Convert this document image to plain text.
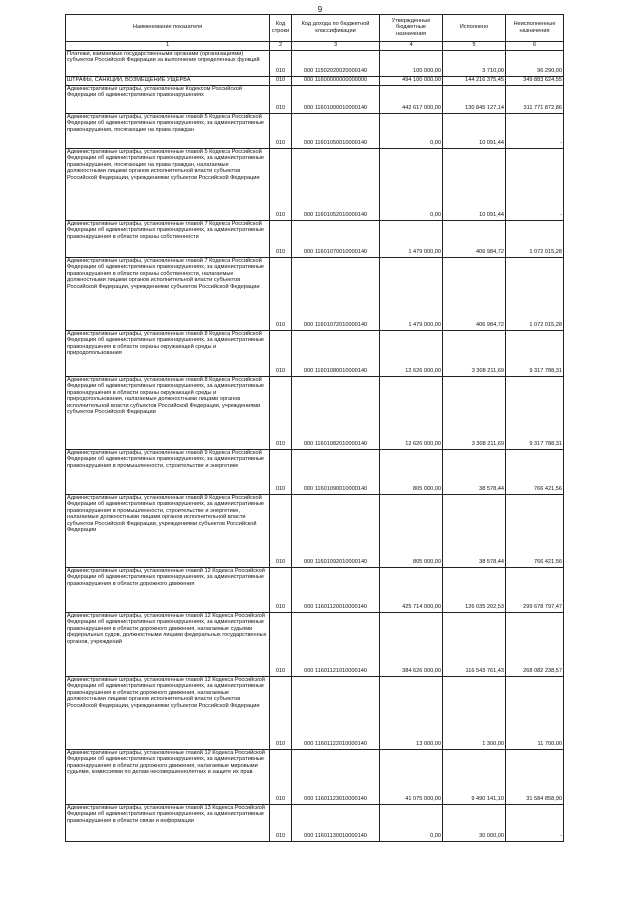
9
Наименование показателя	Код строки	Код дохода по бюджетной классификации	Утвержденные бюджетные назначения	Исполнено	Неисполненные назначения
1	2	3	4	5	6
Платежи, взимаемые государственными органами (организациями) субъектов Российской Федерации за выполнение определенных функций	010	000 11502020020000140	100 000,00	3 710,00	96 290,00
ШТРАФЫ, САНКЦИИ, ВОЗМЕЩЕНИЕ УЩЕРБА	010	000 11600000000000000	494 100 000,00	144 216 375,45	349 883 624,55
Административные штрафы, установленные Кодексом Российской Федерации об административных правонарушениях	010	000 11601000010000140	442 617 000,00	130 845 127,14	311 771 872,86
Административные штрафы, установленные главой 5 Кодекса Российской Федерации об административных правонарушениях, за административные правонарушения, посягающие на права граждан	010	000 11601050010000140	0,00	10 091,44	-
Административные штрафы, установленные главой 5 Кодекса Российской Федерации об административных правонарушениях, за административные правонарушения, посягающие на права граждан, налагаемые должностными лицами органов исполнительной власти субъектов Российской Федерации, учреждениями субъектов Российской Федерации	010	000 11601052010000140	0,00	10 091,44	-
Административные штрафы, установленные главой 7 Кодекса Российской Федерации об административных правонарушениях, за административные правонарушения в области охраны собственности	010	000 11601070010000140	1 479 000,00	406 984,72	1 072 015,28
Административные штрафы, установленные главой 7 Кодекса Российской Федерации об административных правонарушениях, за административные правонарушения в области охраны собственности, налагаемые должностными лицами органов исполнительной власти субъектов Российской Федерации, учреждениями субъектов Российской Федерации	010	000 11601072010000140	1 479 000,00	406 984,72	1 072 015,28
Административные штрафы, установленные главой 8 Кодекса Российской Федерации об административных правонарушениях, за административные правонарушения в области охраны окружающей среды и природопользования	010	000 11601080010000140	12 626 000,00	3 308 211,69	9 317 788,31
Административные штрафы, установленные главой 8 Кодекса Российской Федерации об административных правонарушениях, за административные правонарушения в области охраны окружающей среды и природопользования, налагаемые должностными лицами органов исполнительной власти субъектов Российской Федерации, учреждениями субъектов Российской Федерации	010	000 11601082010000140	12 626 000,00	3 308 211,69	9 317 788,31
Административные штрафы, установленные главой 9 Кодекса Российской Федерации об административных правонарушениях, за административные правонарушения в промышленности, строительстве и энергетике	010	000 11601090010000140	805 000,00	38 578,44	766 421,56
Административные штрафы, установленные главой 9 Кодекса Российской Федерации об административных правонарушениях, за административные правонарушения в промышленности, строительстве и энергетике, налагаемые должностными лицами органов исполнительной власти субъектов Российской Федерации, учреждениями субъектов Российской Федерации	010	000 11601092010000140	805 000,00	38 578,44	766 421,56
Административные штрафы, установленные главой 12 Кодекса Российской Федерации об административных правонарушениях, за административные правонарушения в области дорожного движения	010	000 11601120010000140	425 714 000,00	126 035 202,53	299 678 797,47
Административные штрафы, установленные главой 12 Кодекса Российской Федерации об административных правонарушениях, за административные правонарушения в области дорожного движения, налагаемые судьями федеральных судов, должностными лицами федеральных государственных органов, учреждений	010	000 11601121010000140	384 626 000,00	116 543 761,43	268 082 238,57
Административные штрафы, установленные главой 12 Кодекса Российской Федерации об административных правонарушениях, за административные правонарушения в области дорожного движения, налагаемые должностными лицами органов исполнительной власти субъектов Российской Федерации, учреждениями субъектов Российской Федерации	010	000 11601122010000140	13 000,00	1 300,00	11 700,00
Административные штрафы, установленные главой 12 Кодекса Российской Федерации об административных правонарушениях, за административные правонарушения в области дорожного движения, налагаемые мировыми судьями, комиссиями по делам несовершеннолетних и защите их прав	010	000 11601123010000140	41 075 000,00	9 490 141,10	31 584 858,90
Административные штрафы, установленные главой 13 Кодекса Российской Федерации об административных правонарушениях, за административные правонарушения в области связи и информации	010	000 11601130010000140	0,00	30 000,00	-
